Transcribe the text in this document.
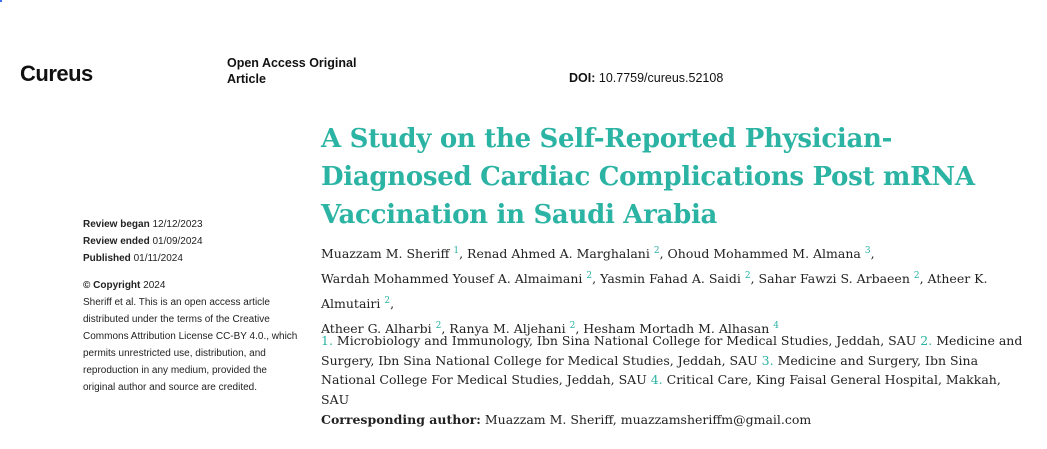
Cureus	Open Access Original Article	DOI: 10.7759/cureus.52108
A Study on the Self-Reported Physician-Diagnosed Cardiac Complications Post mRNA Vaccination in Saudi Arabia
Review began 12/12/2023
Review ended 01/09/2024
Published 01/11/2024
© Copyright 2024
Sheriff et al. This is an open access article distributed under the terms of the Creative Commons Attribution License CC-BY 4.0., which permits unrestricted use, distribution, and reproduction in any medium, provided the original author and source are credited.
Muazzam M. Sheriff $^1$, Renad Ahmed A. Marghalani $^2$, Ohoud Mohammed M. Almana $^3$,
Wardah Mohammed Yousef A. Almaimani $^2$, Yasmin Fahad A. Saidi $^2$, Sahar Fawzi S. Arbaeen $^2$, Atheer K. Almutairi $^2$,
Atheer G. Alharbi $^2$, Ranya M. Aljehani $^2$, Hesham Mortadh M. Alhasan $^4$
1. Microbiology and Immunology, Ibn Sina National College for Medical Studies, Jeddah, SAU 2. Medicine and Surgery, Ibn Sina National College for Medical Studies, Jeddah, SAU 3. Medicine and Surgery, Ibn Sina National College For Medical Studies, Jeddah, SAU 4. Critical Care, King Faisal General Hospital, Makkah, SAU
Corresponding author: Muazzam M. Sheriff, muazzamsheriffm@gmail.com
